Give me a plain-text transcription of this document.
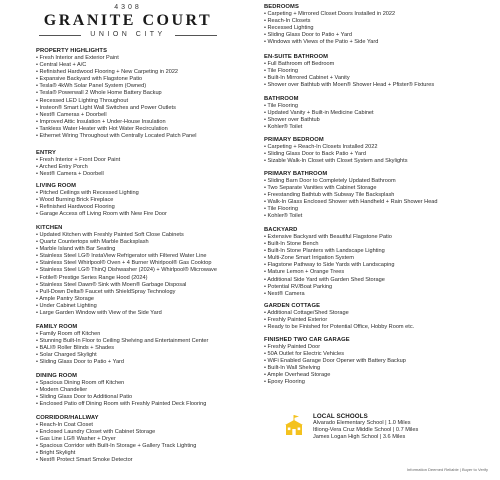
4308
GRANITE COURT
UNION CITY
PROPERTY HIGHLIGHTS
• Fresh Interior and Exterior Paint
• Central Heat + A/C
• Refinished Hardwood Flooring + New Carpeting in 2022
• Expansive Backyard with Flagstone Patio
• Tesla® 4kWh Solar Panel System (Owned)
• Tesla® Powerwall 2 Whole Home Battery Backup
• Recessed LED Lighting Throughout
• Insteon® Smart Light Wall Switches and Power Outlets
• Nest® Cameras + Doorbell
• Improved Attic Insulation + Under-House Insulation
• Tankless Water Heater with Hot Water Recirculation
• Ethernet Wiring Throughout with Centrally Located Patch Panel
ENTRY
• Fresh Interior + Front Door Paint
• Arched Entry Porch
• Nest® Camera + Doorbell
LIVING ROOM
• Pitched Ceilings with Recessed Lighting
• Wood Burning Brick Fireplace
• Refinished Hardwood Flooring
• Garage Access off Living Room with New Fire Door
KITCHEN
• Updated Kitchen with Freshly Painted Soft Close Cabinets
• Quartz Countertops with Marble Backsplash
• Marble Island with Bar Seating
• Stainless Steel LG® InstaView Refrigerator with Filtered Water Line
• Stainless Steel Whirlpool® Oven + 4 Burner Whirlpool® Gas Cooktop
• Stainless Steel LG® ThinQ Dishwasher (2024) + Whirlpool® Microwave
• Fotile® Prestige Series Range Hood (2024)
• Stainless Steel Dawn® Sink with Moen® Garbage Disposal
• Pull-Down Delta® Faucet with ShieldSpray Technology
• Ample Pantry Storage
• Under Cabinet Lighting
• Large Garden Window with View of the Side Yard
FAMILY ROOM
• Family Room off Kitchen
• Stunning Built-In Floor to Ceiling Shelving and Entertainment Center
• BALI® Roller Blinds + Shades
• Solar Charged Skylight
• Sliding Glass Door to Patio + Yard
DINING ROOM
• Spacious Dining Room off Kitchen
• Modern Chandelier
• Sliding Glass Door to Additional Patio
• Enclosed Patio off Dining Room with Freshly Painted Deck Flooring
CORRIDOR/HALLWAY
• Reach-In Coat Closet
• Enclosed Laundry Closet with Cabinet Storage
• Gas Line LG® Washer + Dryer
• Spacious Corridor with Built-In Storage + Gallery Track Lighting
• Bright Skylight
• Nest® Protect Smart Smoke Detector
BEDROOMS
• Carpeting + Mirrored Closet Doors Installed in 2022
• Reach-In Closets
• Recessed Lighting
• Sliding Glass Door to Patio + Yard
• Windows with Views of the Patio + Side Yard
EN-SUITE BATHROOM
• Full Bathroom off Bedroom
• Tile Flooring
• Built-In Mirrored Cabinet + Vanity
• Shower over Bathtub with Moen® Shower Head + Pfister® Fixtures
BATHROOM
• Tile Flooring
• Updated Vanity + Built-in Medicine Cabinet
• Shower over Bathtub
• Kohler® Toilet
PRIMARY BEDROOM
• Carpeting + Reach-In Closets Installed 2022
• Sliding Glass Door to Back Patio + Yard
• Sizable Walk-In Closet with Closet System and Skylights
PRIMARY BATHROOM
• Sliding Barn Door to Completely Updated Bathroom
• Two Separate Vanities with Cabinet Storage
• Freestanding Bathtub with Subway Tile Backsplash
• Walk-In Glass Enclosed Shower with Handheld + Rain Shower Head
• Tile Flooring
• Kohler® Toilet
BACKYARD
• Extensive Backyard with Beautiful Flagstone Patio
• Built-In Stone Bench
• Built-In Stone Planters with Landscape Lighting
• Multi-Zone Smart Irrigation System
• Flagstone Pathway to Side Yards with Landscaping
• Mature Lemon + Orange Trees
• Additional Side Yard with Garden Shed Storage
• Potential RV/Boat Parking
• Nest® Camera
GARDEN COTTAGE
• Additional Cottage/Shed Storage
• Freshly Painted Exterior
• Ready to be Finished for Potential Office, Hobby Room etc.
FINISHED TWO CAR GARAGE
• Freshly Painted Door
• 50A Outlet for Electric Vehicles
• WiFi Enabled Garage Door Opener with Battery Backup
• Built-In Wall Shelving
• Ample Overhead Storage
• Epoxy Flooring
LOCAL SCHOOLS
Alvarado Elementary School | 1.0 Miles
Itliong-Vera Cruz Middle School | 0.7 Miles
James Logan High School | 3.6 Miles
Information Deemed Reliable | Buyer to Verify
